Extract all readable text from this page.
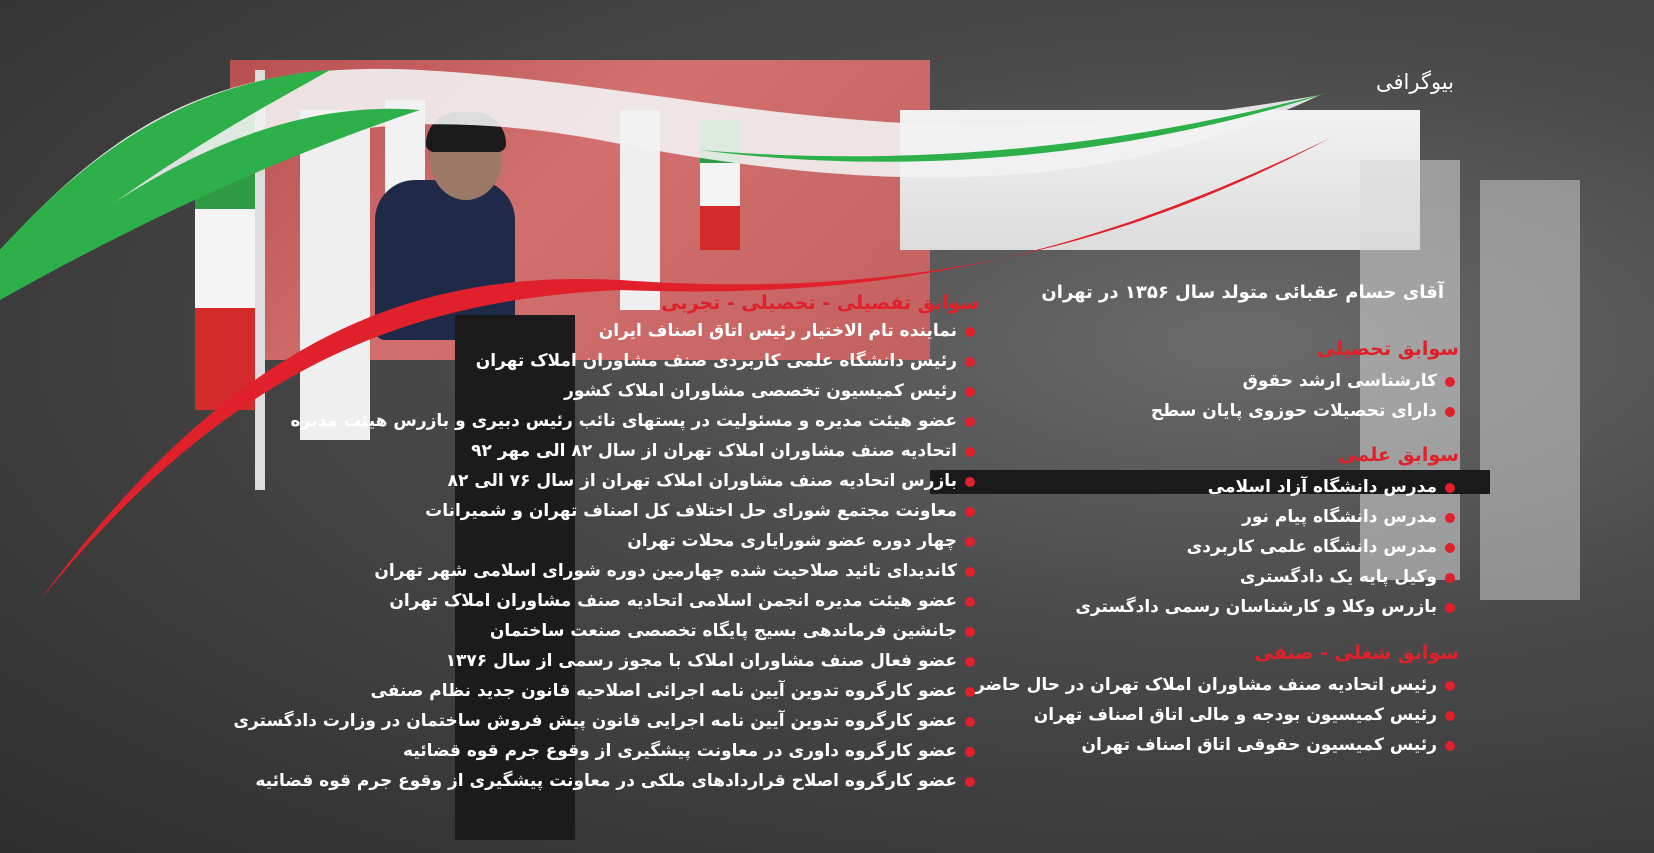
بیوگرافی
آقای حسام عقبائی متولد سال ۱۳۵۶ در تهران
سوابق تحصیلی
کارشناسی ارشد حقوق
دارای تحصیلات حوزوی پایان سطح
سوابق علمی
مدرس دانشگاه آزاد اسلامی
مدرس دانشگاه پیام نور
مدرس دانشگاه علمی کاربردی
وکیل پایه یک دادگستری
بازرس وکلا و کارشناسان رسمی دادگستری
سوابق شغلی - صنفی
رئیس اتحادیه صنف مشاوران املاک تهران در حال حاضر
رئیس کمیسیون بودجه و مالی اتاق اصناف تهران
رئیس کمیسیون حقوقی اتاق اصناف تهران
سوابق تفصیلی - تحصیلی - تجربی
نماینده تام الاختیار رئیس اتاق اصناف ایران
رئیس دانشگاه علمی کاربردی صنف مشاوران املاک تهران
رئیس کمیسیون تخصصی مشاوران املاک کشور
عضو هیئت مدیره و مسئولیت در پستهای نائب رئیس دبیری و بازرس هیئت مدیره
اتحادیه صنف مشاوران املاک تهران از سال ۸۲ الی مهر ۹۲
بازرس اتحادیه صنف مشاوران املاک تهران از سال ۷۶ الی ۸۲
معاونت مجتمع شورای حل اختلاف کل اصناف تهران و شمیرانات
چهار دوره عضو شورایاری محلات تهران
کاندیدای تائید صلاحیت شده چهارمین دوره شورای اسلامی شهر تهران
عضو هیئت مدیره انجمن اسلامی اتحادیه صنف مشاوران املاک تهران
جانشین فرماندهی بسیج پایگاه تخصصی صنعت ساختمان
عضو فعال صنف مشاوران املاک با مجوز رسمی از سال ۱۳۷۶
عضو کارگروه تدوین آیین نامه اجرائی اصلاحیه قانون جدید نظام صنفی
عضو کارگروه تدوین آیین نامه اجرایی قانون پیش فروش ساختمان در وزارت دادگستری
عضو کارگروه داوری در معاونت پیشگیری از وقوع جرم قوه قضائیه
عضو کارگروه اصلاح قراردادهای ملکی در معاونت پیشگیری از وقوع جرم قوه قضائیه
